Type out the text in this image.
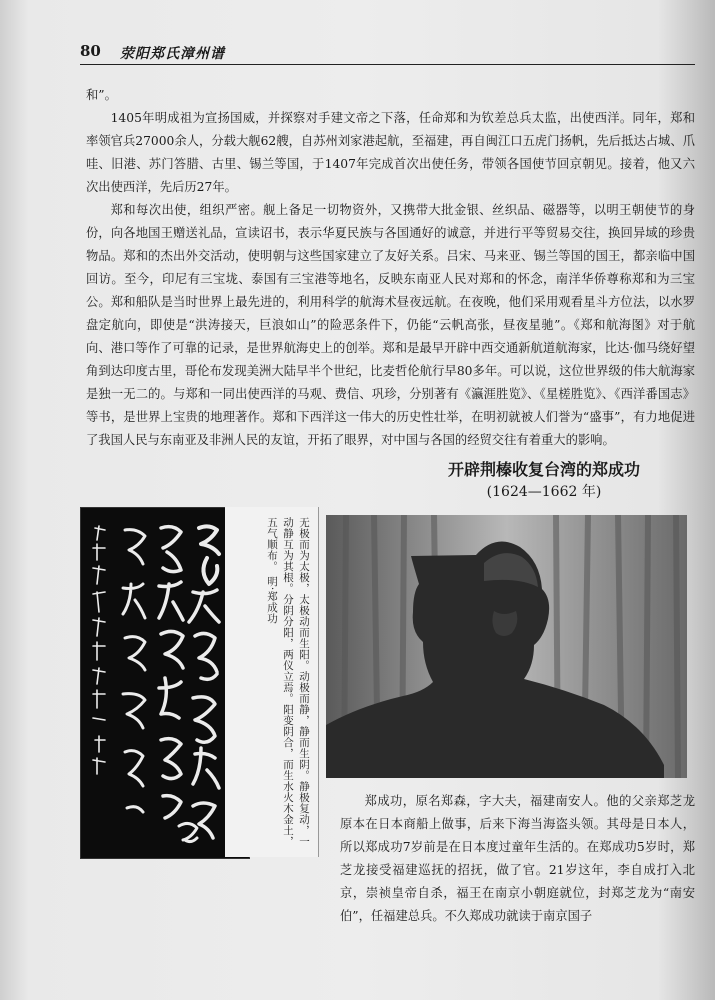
80 荥阳郑氏漳州谱

和”。

1405年明成祖为宣扬国威，并探察对手建文帝之下落，任命郑和为钦差总兵太监，出使西洋。同年，郑和率领官兵27000余人，分载大舰62艘，自苏州刘家港起航，至福建，再自闽江口五虎门扬帆，先后抵达占城、爪哇、旧港、苏门答腊、古里、锡兰等国，于1407年完成首次出使任务，带领各国使节回京朝见。接着，他又六次出使西洋，先后历27年。

郑和每次出使，组织严密。舰上备足一切物资外，又携带大批金银、丝织品、磁器等，以明王朝使节的身份，向各地国王赠送礼品，宣读诏书，表示华夏民族与各国通好的诚意，并进行平等贸易交往，换回异域的珍贵物品。郑和的杰出外交活动，使明朝与这些国家建立了友好关系。吕宋、马来亚、锡兰等国的国王，都亲临中国回访。至今，印尼有三宝垅、泰国有三宝港等地名，反映东南亚人民对郑和的怀念，南洋华侨尊称郑和为三宝公。郑和船队是当时世界上最先进的，利用科学的航海术昼夜远航。在夜晚，他们采用观看星斗方位法，以水罗盘定航向，即使是“洪涛接天，巨浪如山”的险恶条件下，仍能“云帆高张，昼夜星驰”。《郑和航海图》对于航向、港口等作了可靠的记录，是世界航海史上的创举。郑和是最早开辟中西交通新航道航海家，比达·伽马绕好望角到达印度古里，哥伦布发现美洲大陆早半个世纪，比麦哲伦航行早80多年。可以说，这位世界级的伟大航海家是独一无二的。与郑和一同出使西洋的马观、费信、巩珍，分别著有《瀛涯胜览》、《星槎胜览》、《西洋番国志》等书，是世界上宝贵的地理著作。郑和下西洋这一伟大的历史性壮举，在明初就被人们誉为“盛事”，有力地促进了我国人民与东南亚及非洲人民的友谊，开拓了眼界，对中国与各国的经贸交往有着重大的影响。

开辟荆榛收复台湾的郑成功
(1624—1662 年)
无极而为太极，太极动而生阳。动极而静，静而生阴。静极复动，一动静互为其根。分阴分阳，两仪立焉。阳变阴合，而生水火木金土，五气顺布。 明·郑成功

郑成功，原名郑森，字大夫，福建南安人。他的父亲郑芝龙原本在日本商船上做事，后来下海当海盗头领。其母是日本人，所以郑成功7岁前是在日本度过童年生活的。在郑成功5岁时，郑芝龙接受福建巡抚的招抚，做了官。21岁这年，李自成打入北京，崇祯皇帝自杀，福王在南京小朝庭就位，封郑芝龙为“南安伯”，任福建总兵。不久郑成功就读于南京国子
